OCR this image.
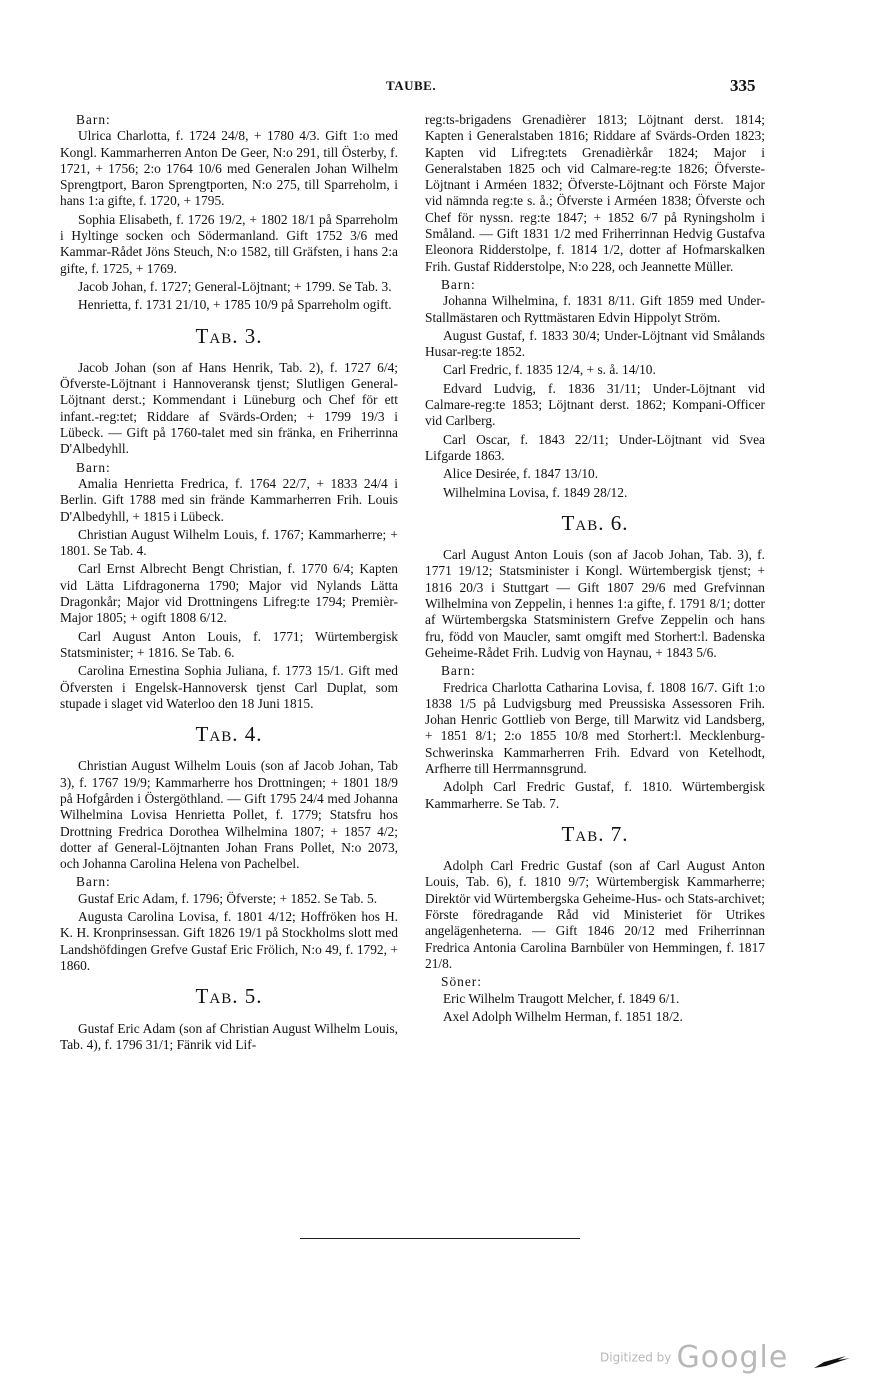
TAUBE.	335

Barn:

Ulrica Charlotta, f. 1724 24/8, + 1780 4/3. Gift 1:o med Kongl. Kammarherren Anton De Geer, N:o 291, till Österby, f. 1721, + 1756; 2:o 1764 10/6 med Generalen Johan Wilhelm Sprengtport, Baron Sprengtporten, N:o 275, till Sparreholm, i hans 1:a gifte, f. 1720, + 1795.

Sophia Elisabeth, f. 1726 19/2, + 1802 18/1 på Sparreholm i Hyltinge socken och Södermanland. Gift 1752 3/6 med Kammar-Rådet Jöns Steuch, N:o 1582, till Gräfsten, i hans 2:a gifte, f. 1725, + 1769.

Jacob Johan, f. 1727; General-Löjtnant; + 1799. Se Tab. 3.

Henrietta, f. 1731 21/10, + 1785 10/9 på Sparreholm ogift.

Tab. 3.

Jacob Johan (son af Hans Henrik, Tab. 2), f. 1727 6/4; Öfverste-Löjtnant i Hannoveransk tjenst; Slutligen General-Löjtnant derst.; Kommendant i Lüneburg och Chef för ett infant.-reg:tet; Riddare af Svärds-Orden; + 1799 19/3 i Lübeck. — Gift på 1760-talet med sin fränka, en Friherrinna D'Albedyhll.

Barn:

Amalia Henrietta Fredrica, f. 1764 22/7, + 1833 24/4 i Berlin. Gift 1788 med sin frände Kammarherren Frih. Louis D'Albedyhll, + 1815 i Lübeck.

Christian August Wilhelm Louis, f. 1767; Kammarherre; + 1801. Se Tab. 4.

Carl Ernst Albrecht Bengt Christian, f. 1770 6/4; Kapten vid Lätta Lifdragonerna 1790; Major vid Nylands Lätta Dragonkår; Major vid Drottningens Lifreg:te 1794; Premièr-Major 1805; + ogift 1808 6/12.

Carl August Anton Louis, f. 1771; Würtembergisk Statsminister; + 1816. Se Tab. 6.

Carolina Ernestina Sophia Juliana, f. 1773 15/1. Gift med Öfversten i Engelsk-Hannoversk tjenst Carl Duplat, som stupade i slaget vid Waterloo den 18 Juni 1815.

Tab. 4.

Christian August Wilhelm Louis (son af Jacob Johan, Tab 3), f. 1767 19/9; Kammarherre hos Drottningen; + 1801 18/9 på Hofgården i Östergöthland. — Gift 1795 24/4 med Johanna Wilhelmina Lovisa Henrietta Pollet, f. 1779; Statsfru hos Drottning Fredrica Dorothea Wilhelmina 1807; + 1857 4/2; dotter af General-Löjtnanten Johan Frans Pollet, N:o 2073, och Johanna Carolina Helena von Pachelbel.

Barn:

Gustaf Eric Adam, f. 1796; Öfverste; + 1852. Se Tab. 5.

Augusta Carolina Lovisa, f. 1801 4/12; Hoffröken hos H. K. H. Kronprinsessan. Gift 1826 19/1 på Stockholms slott med Landshöfdingen Grefve Gustaf Eric Frölich, N:o 49, f. 1792, + 1860.

Tab. 5.

Gustaf Eric Adam (son af Christian August Wilhelm Louis, Tab. 4), f. 1796 31/1; Fänrik vid Lif-

reg:ts-brigadens Grenadièrer 1813; Löjtnant derst. 1814; Kapten i Generalstaben 1816; Riddare af Svärds-Orden 1823; Kapten vid Lifreg:tets Grenadièrkår 1824; Major i Generalstaben 1825 och vid Calmare-reg:te 1826; Öfverste-Löjtnant i Arméen 1832; Öfverste-Löjtnant och Förste Major vid nämnda reg:te s. å.; Öfverste i Arméen 1838; Öfverste och Chef för nyssn. reg:te 1847; + 1852 6/7 på Ryningsholm i Småland. — Gift 1831 1/2 med Friherrinnan Hedvig Gustafva Eleonora Ridderstolpe, f. 1814 1/2, dotter af Hofmarskalken Frih. Gustaf Ridderstolpe, N:o 228, och Jeannette Müller.

Barn:

Johanna Wilhelmina, f. 1831 8/11. Gift 1859 med Under-Stallmästaren och Ryttmästaren Edvin Hippolyt Ström.

August Gustaf, f. 1833 30/4; Under-Löjtnant vid Smålands Husar-reg:te 1852.

Carl Fredric, f. 1835 12/4, + s. å. 14/10.

Edvard Ludvig, f. 1836 31/11; Under-Löjtnant vid Calmare-reg:te 1853; Löjtnant derst. 1862; Kompani-Officer vid Carlberg.

Carl Oscar, f. 1843 22/11; Under-Löjtnant vid Svea Lifgarde 1863.

Alice Desirée, f. 1847 13/10.

Wilhelmina Lovisa, f. 1849 28/12.

Tab. 6.

Carl August Anton Louis (son af Jacob Johan, Tab. 3), f. 1771 19/12; Statsminister i Kongl. Würtembergisk tjenst; + 1816 20/3 i Stuttgart — Gift 1807 29/6 med Grefvinnan Wilhelmina von Zeppelin, i hennes 1:a gifte, f. 1791 8/1; dotter af Würtembergska Statsministern Grefve Zeppelin och hans fru, född von Maucler, samt omgift med Storhert:l. Badenska Geheime-Rådet Frih. Ludvig von Haynau, + 1843 5/6.

Barn:

Fredrica Charlotta Catharina Lovisa, f. 1808 16/7. Gift 1:o 1838 1/5 på Ludvigsburg med Preussiska Assessoren Frih. Johan Henric Gottlieb von Berge, till Marwitz vid Landsberg, + 1851 8/1; 2:o 1855 10/8 med Storhert:l. Mecklenburg-Schwerinska Kammarherren Frih. Edvard von Ketelhodt, Arfherre till Herrmannsgrund.

Adolph Carl Fredric Gustaf, f. 1810. Würtembergisk Kammarherre. Se Tab. 7.

Tab. 7.

Adolph Carl Fredric Gustaf (son af Carl August Anton Louis, Tab. 6), f. 1810 9/7; Würtembergisk Kammarherre; Direktör vid Würtembergska Geheime-Hus- och Stats-archivet; Förste föredragande Råd vid Ministeriet för Utrikes angelägenheterna. — Gift 1846 20/12 med Friherrinnan Fredrica Antonia Carolina Barnbüler von Hemmingen, f. 1817 21/8.

Söner:

Eric Wilhelm Traugott Melcher, f. 1849 6/1.

Axel Adolph Wilhelm Herman, f. 1851 18/2.

Digitized by Google
